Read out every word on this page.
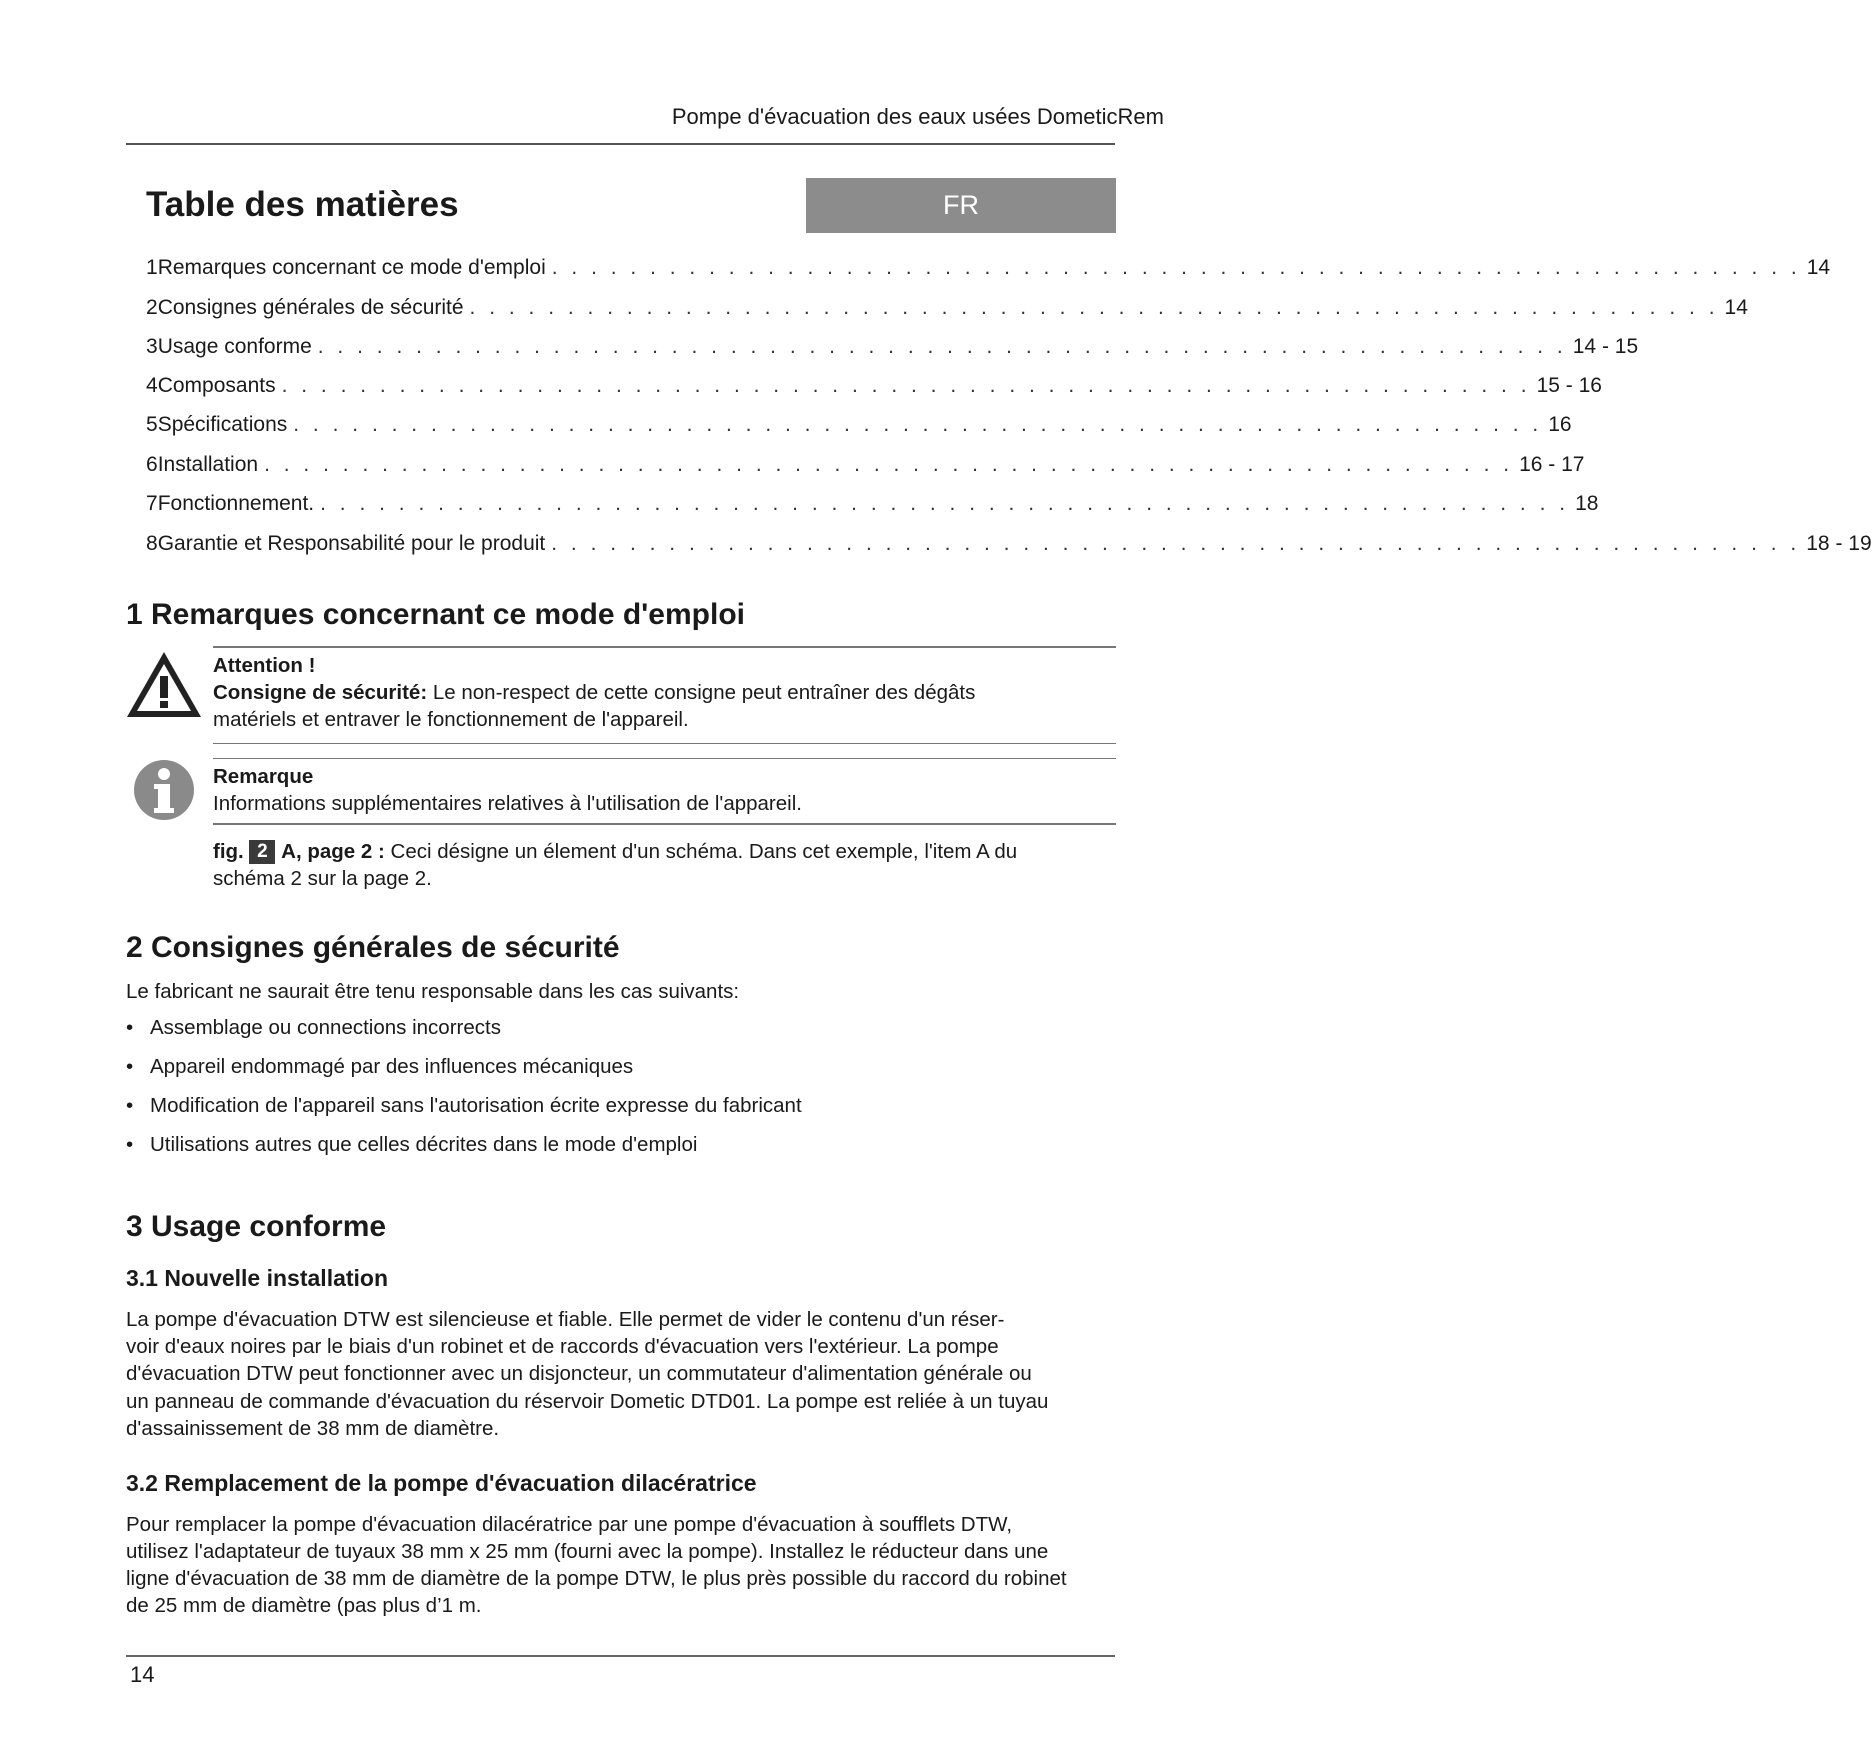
Pompe d'évacuation des eaux usées DometicRem
Table des matières	FR
1 Remarques concernant ce mode d'emploi . . . . . . . . . . . . . . . . . . . . . . . . . . . . . . . . . . . . . . . . . . . . . . . . . . . . . . . . . . . . . . . . 14
2 Consignes générales de sécurité . . . . . . . . . . . . . . . . . . . . . . . . . . . . . . . . . . . . . . . . . . . . . . . . . . . . . . . . . . . . . . . . 14
3 Usage conforme . . . . . . . . . . . . . . . . . . . . . . . . . . . . . . . . . . . . . . . . . . . . . . . . . . . . . . . . . . . . . . . . 14 - 15
4 Composants . . . . . . . . . . . . . . . . . . . . . . . . . . . . . . . . . . . . . . . . . . . . . . . . . . . . . . . . . . . . . . . . 15 - 16
5 Spécifications . . . . . . . . . . . . . . . . . . . . . . . . . . . . . . . . . . . . . . . . . . . . . . . . . . . . . . . . . . . . . . . . 16
6 Installation . . . . . . . . . . . . . . . . . . . . . . . . . . . . . . . . . . . . . . . . . . . . . . . . . . . . . . . . . . . . . . . . 16 - 17
7 Fonctionnement. . . . . . . . . . . . . . . . . . . . . . . . . . . . . . . . . . . . . . . . . . . . . . . . . . . . . . . . . . . . . . . . . 18
8 Garantie et Responsabilité pour le produit . . . . . . . . . . . . . . . . . . . . . . . . . . . . . . . . . . . . . . . . . . . . . . . . . . . . . . . . . . . . . . . . 18 - 19
1 Remarques concernant ce mode d'emploi
Attention !
Consigne de sécurité: Le non-respect de cette consigne peut entraîner des dégâts
matériels et entraver le fonctionnement de l'appareil.
Remarque
Informations supplémentaires relatives à l'utilisation de l'appareil.
fig. 2 A, page 2 : Ceci désigne un élement d'un schéma. Dans cet exemple, l'item A du
schéma 2 sur la page 2.
2 Consignes générales de sécurité
Le fabricant ne saurait être tenu responsable dans les cas suivants:
• Assemblage ou connections incorrects
• Appareil endommagé par des influences mécaniques
• Modification de l'appareil sans l'autorisation écrite expresse du fabricant
• Utilisations autres que celles décrites dans le mode d'emploi
3 Usage conforme
3.1 Nouvelle installation
La pompe d'évacuation DTW est silencieuse et fiable. Elle permet de vider le contenu d'un réser-
voir d'eaux noires par le biais d'un robinet et de raccords d'évacuation vers l'extérieur. La pompe
d'évacuation DTW peut fonctionner avec un disjoncteur, un commutateur d'alimentation générale ou
un panneau de commande d'évacuation du réservoir Dometic DTD01. La pompe est reliée à un tuyau
d'assainissement de 38 mm de diamètre.
3.2 Remplacement de la pompe d'évacuation dilacératrice
Pour remplacer la pompe d'évacuation dilacératrice par une pompe d'évacuation à soufflets DTW,
utilisez l'adaptateur de tuyaux 38 mm x 25 mm (fourni avec la pompe). Installez le réducteur dans une
ligne d'évacuation de 38 mm de diamètre de la pompe DTW, le plus près possible du raccord du robinet
de 25 mm de diamètre (pas plus d’1 m.
14
